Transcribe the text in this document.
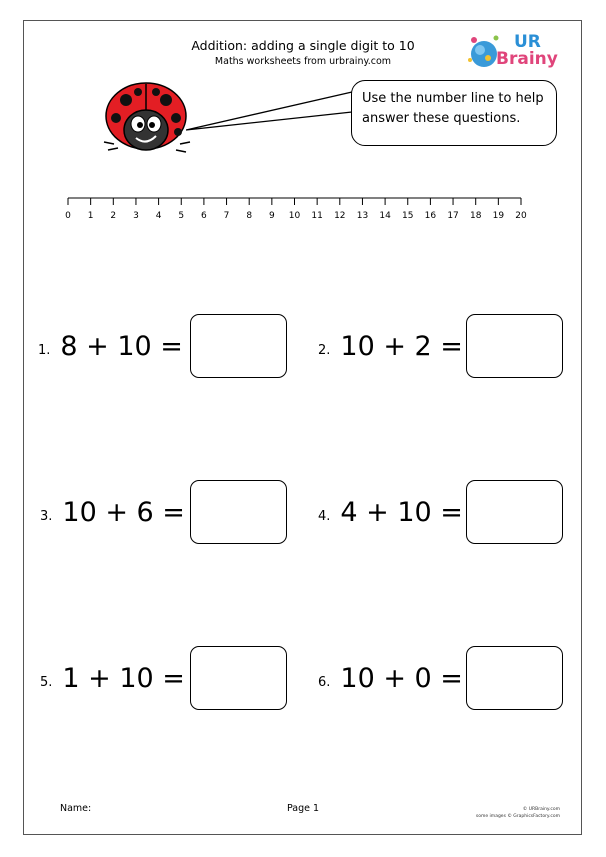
Addition: adding a single digit to 10
Maths worksheets from urbrainy.com
UR
Brainy
Use the number line to help
answer these questions.
0 1 2 3 4 5 6 7 8 9 10 11 12 13 14 15 16 17 18 19 20
1. 8 + 10 =	2. 10 + 2 =
3. 10 + 6 =	4. 4 + 10 =
5. 1 + 10 =	6. 10 + 0 =
Name:	Page 1	© URBrainy.com
some images © GraphicsFactory.com
